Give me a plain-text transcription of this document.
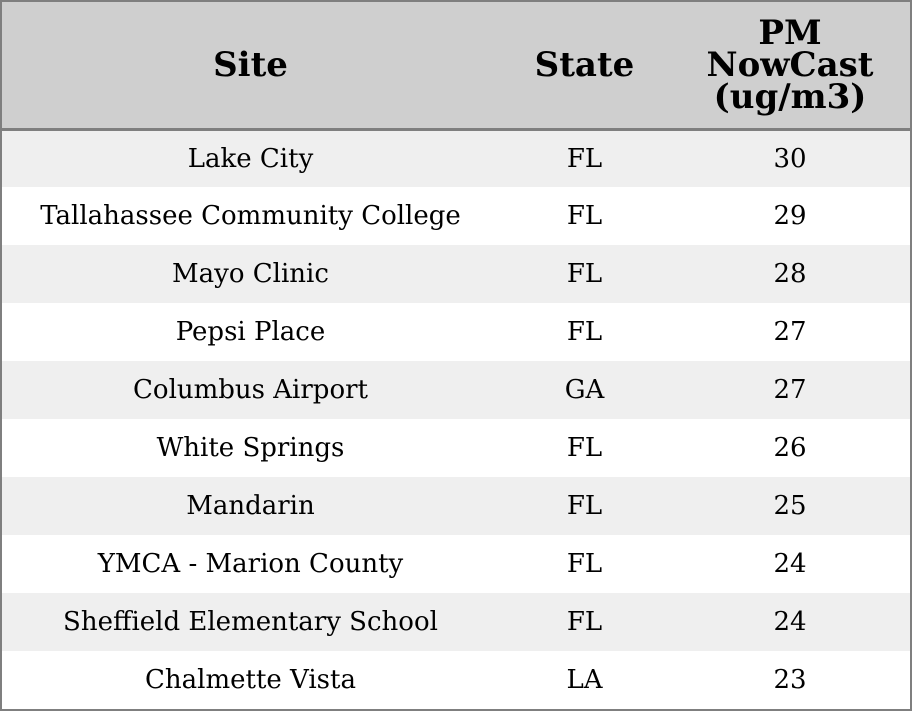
Site	State	PM
NowCast
(ug/m3)

Lake City	FL	30
Tallahassee Community College	FL	29
Mayo Clinic	FL	28
Pepsi Place	FL	27
Columbus Airport	GA	27
White Springs	FL	26
Mandarin	FL	25
YMCA - Marion County	FL	24
Sheffield Elementary School	FL	24
Chalmette Vista	LA	23
